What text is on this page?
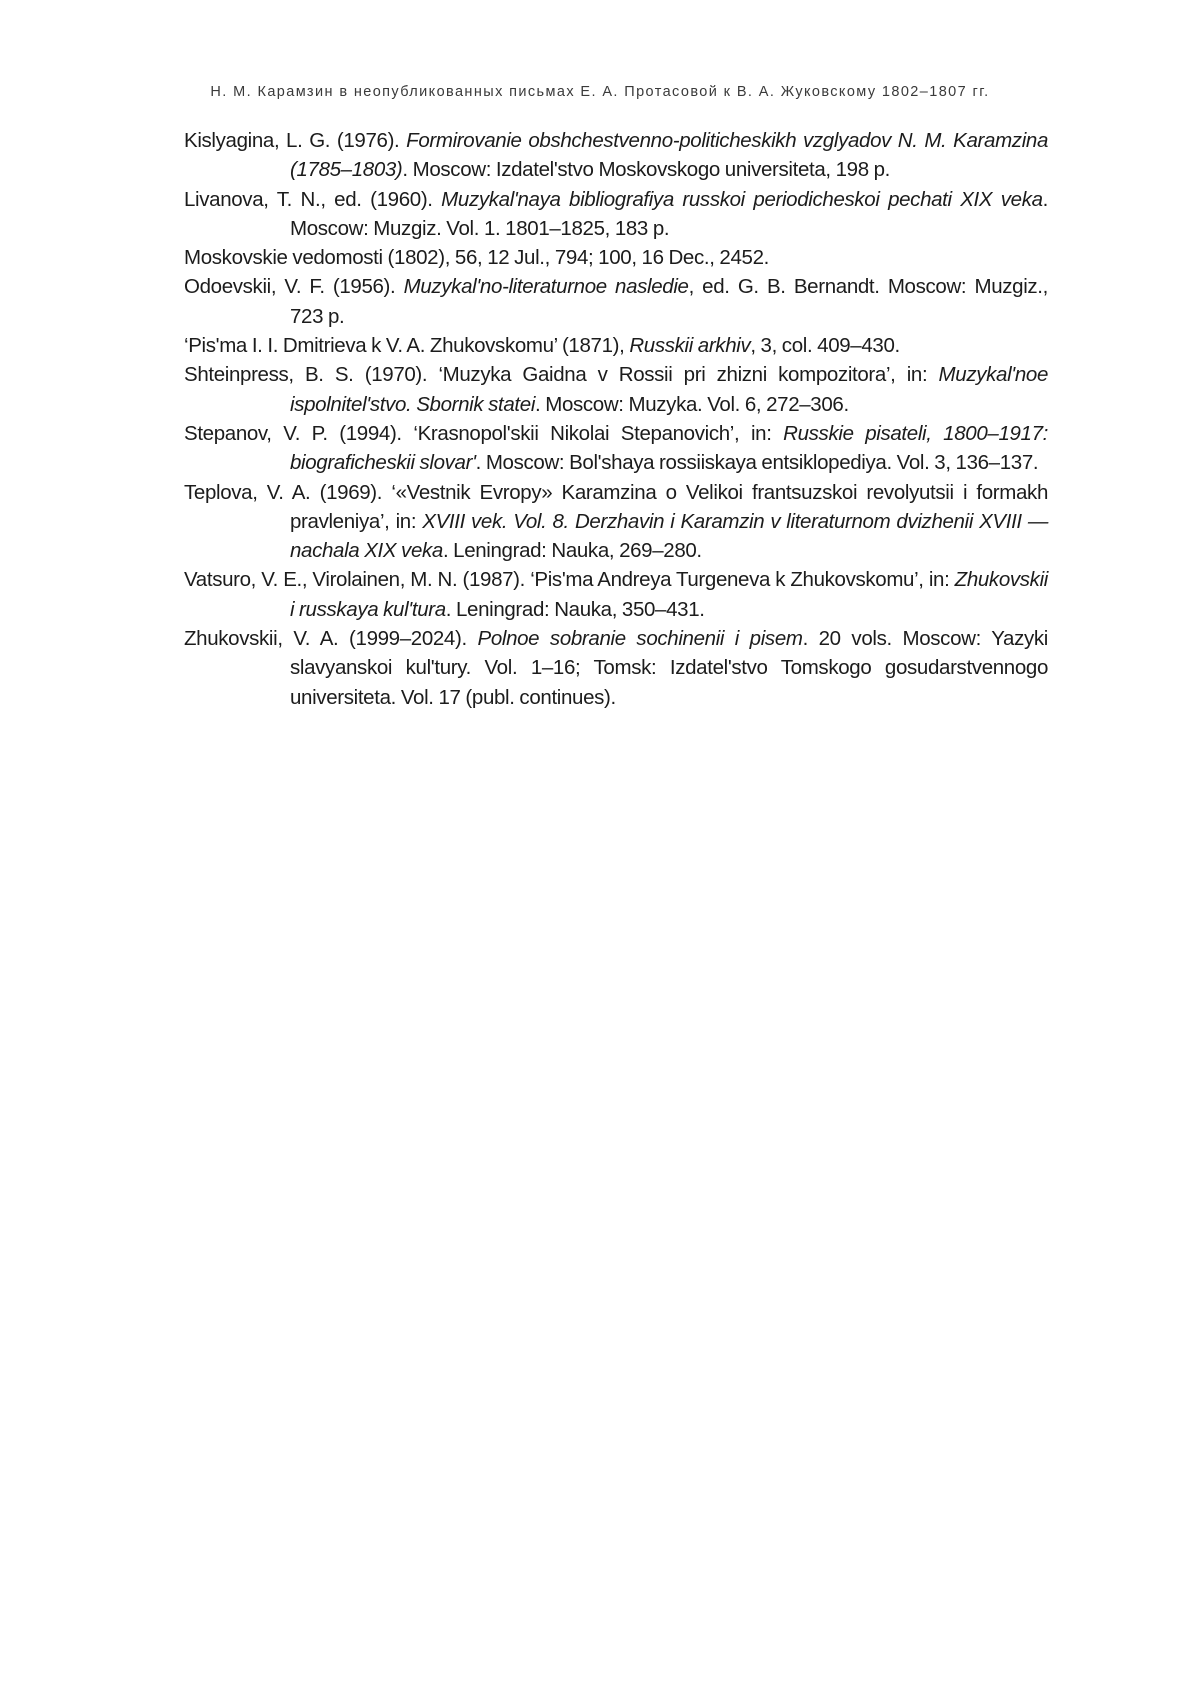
Н. М. Карамзин в неопубликованных письмах Е. А. Протасовой к В. А. Жуковскому 1802–1807 гг.
Kislyagina, L. G. (1976). Formirovanie obshchestvenno-politicheskikh vzglyadov N. M. Karamzina (1785–1803). Moscow: Izdatel'stvo Moskovskogo universiteta, 198 p.
Livanova, T. N., ed. (1960). Muzykal'naya bibliografiya russkoi periodicheskoi pechati XIX veka. Moscow: Muzgiz. Vol. 1. 1801–1825, 183 p.
Moskovskie vedomosti (1802), 56, 12 Jul., 794; 100, 16 Dec., 2452.
Odoevskii, V. F. (1956). Muzykal'no-literaturnoe nasledie, ed. G. B. Bernandt. Moscow: Muzgiz., 723 p.
‘Pis'ma I. I. Dmitrieva k V. A. Zhukovskomu’ (1871), Russkii arkhiv, 3, col. 409–430.
Shteinpress, B. S. (1970). ‘Muzyka Gaidna v Rossii pri zhizni kompozitora’, in: Muzykal'noe ispolnitel'stvo. Sbornik statei. Moscow: Muzyka. Vol. 6, 272–306.
Stepanov, V. P. (1994). ‘Krasnopol'skii Nikolai Stepanovich’, in: Russkie pisateli, 1800–1917: biograficheskii slovar'. Moscow: Bol'shaya rossiiskaya entsiklopediya. Vol. 3, 136–137.
Teplova, V. A. (1969). ‘«Vestnik Evropy» Karamzina o Velikoi frantsuzskoi revolyutsii i formakh pravleniya’, in: XVIII vek. Vol. 8. Derzhavin i Karamzin v literaturnom dvizhenii XVIII — nachala XIX veka. Leningrad: Nauka, 269–280.
Vatsuro, V. E., Virolainen, M. N. (1987). ‘Pis'ma Andreya Turgeneva k Zhukovskomu’, in: Zhukovskii i russkaya kul'tura. Leningrad: Nauka, 350–431.
Zhukovskii, V. A. (1999–2024). Polnoe sobranie sochinenii i pisem. 20 vols. Moscow: Yazyki slavyanskoi kul'tury. Vol. 1–16; Tomsk: Izdatel'stvo Tomskogo gosudarstvennogo universiteta. Vol. 17 (publ. continues).
